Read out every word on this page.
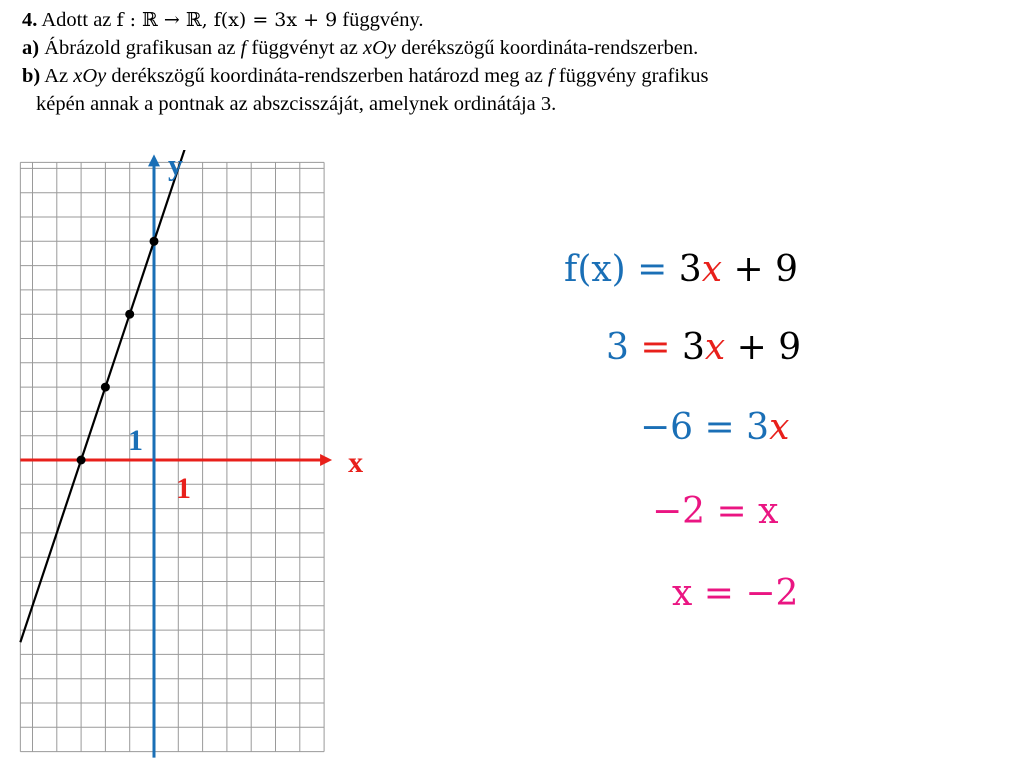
4. Adott az f : ℝ → ℝ, f(x) = 3x + 9 függvény.
a) Ábrázold grafikusan az f függvényt az xOy derékszögű koordináta-rendszerben.
b) Az xOy derékszögű koordináta-rendszerben határozd meg az f függvény grafikus
képén annak a pontnak az abszcisszáját, amelynek ordinátája 3.
y
x
1
1
f(x) = 3x + 9
3 = 3x + 9
−6 = 3x
−2 = x
x = −2
